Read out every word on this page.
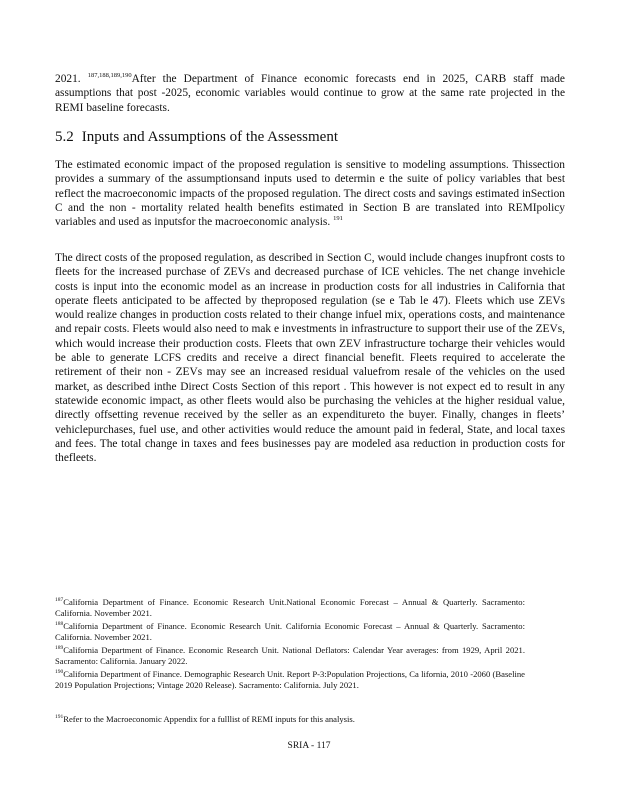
2021. $^{187,188,189,190}$After the Department of Finance economic forecasts end in 2025, CARB staff made assumptions that post -2025, economic variables would continue to grow at the same rate projected in the REMI baseline forecasts.

5.2 Inputs and Assumptions of the Assessment

The estimated economic impact of the proposed regulation is sensitive to modeling assumptions. Thissection provides a summary of the assumptionsand inputs used to determin e the suite of policy variables that best reflect the macroeconomic impacts of the proposed regulation. The direct costs and savings estimated inSection C and the non - mortality related health benefits estimated in Section B are translated into REMIpolicy variables and used as inputsfor the macroeconomic analysis. $^{191}$

The direct costs of the proposed regulation, as described in Section C, would include changes inupfront costs to fleets for the increased purchase of ZEVs and decreased purchase of ICE vehicles. The net change invehicle costs is input into the economic model as an increase in production costs for all industries in California that operate fleets anticipated to be affected by theproposed regulation (se e Tab le 47). Fleets which use ZEVs would realize changes in production costs related to their change infuel mix, operations costs, and maintenance and repair costs. Fleets would also need to mak e investments in infrastructure to support their use of the ZEVs, which would increase their production costs. Fleets that own ZEV infrastructure tocharge their vehicles would be able to generate LCFS credits and receive a direct financial benefit. Fleets required to accelerate the retirement of their non - ZEVs may see an increased residual valuefrom resale of the vehicles on the used market, as described inthe Direct Costs Section of this report . This however is not expect ed to result in any statewide economic impact, as other fleets would also be purchasing the vehicles at the higher residual value, directly offsetting revenue received by the seller as an expenditureto the buyer. Finally, changes in fleets’ vehiclepurchases, fuel use, and other activities would reduce the amount paid in federal, State, and local taxes and fees. The total change in taxes and fees businesses pay are modeled asa reduction in production costs for thefleets.

$^{187}$California Department of Finance. Economic Research Unit.National Economic Forecast – Annual & Quarterly. Sacramento: California. November 2021.

$^{188}$California Department of Finance. Economic Research Unit. California Economic Forecast – Annual & Quarterly. Sacramento: California. November 2021.

$^{189}$California Department of Finance. Economic Research Unit. National Deflators: Calendar Year averages: from 1929, April 2021. Sacramento: California. January 2022.

$^{190}$California Department of Finance. Demographic Research Unit. Report P-3:Population Projections, Ca lifornia, 2010 -2060 (Baseline 2019 Population Projections; Vintage 2020 Release). Sacramento: California. July 2021.

$^{191}$Refer to the Macroeconomic Appendix for a fulllist of REMI inputs for this analysis.

SRIA - 117
